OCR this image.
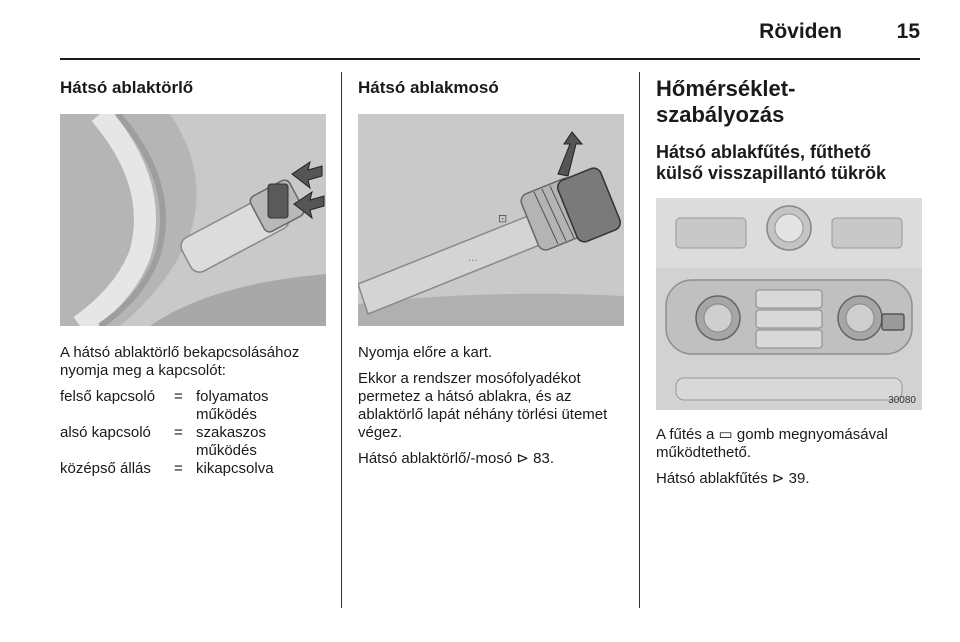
Röviden	15
Hátsó ablaktörlő

A hátsó ablaktörlő bekapcsolásához nyomja meg a kapcsolót:

felső kapcsoló	=	folyamatos működés
alsó kapcsoló	=	szakaszos működés
középső állás	=	kikapcsolva
Hátsó ablakmosó
⊡
···

Nyomja előre a kart.

Ekkor a rendszer mosófolyadékot permetez a hátsó ablakra, és az ablaktörlő lapát néhány törlési ütemet végez.

Hátsó ablaktörlő/-mosó ⊳ 83.

Hőmérséklet-szabályozás
Hátsó ablakfűtés, fűthető külső visszapillantó tükrök
30080

A fűtés a ▭ gomb megnyomásával működtethető.

Hátsó ablakfűtés ⊳ 39.
